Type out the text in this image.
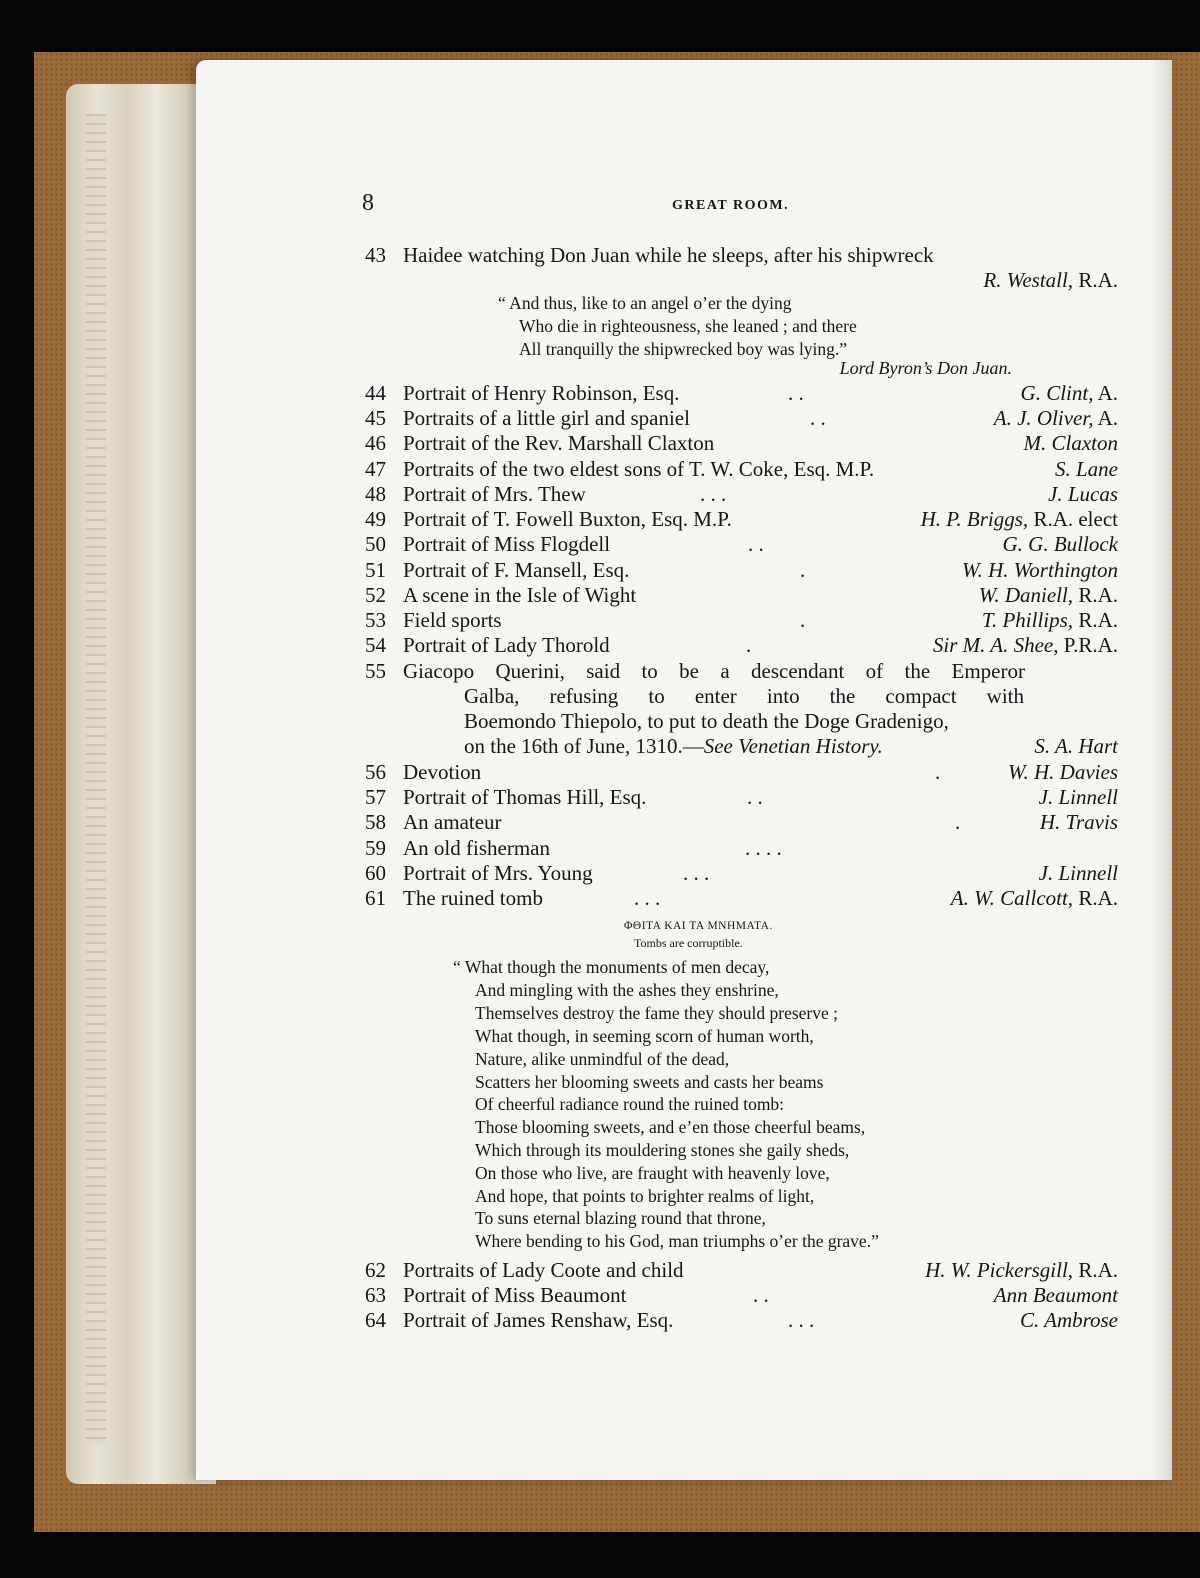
8	GREAT ROOM.
43 Haidee watching Don Juan while he sleeps, after his shipwreck
R. Westall, R.A.
“ And thus, like to an angel o’er the dying
Who die in righteousness, she leaned ; and there
All tranquilly the shipwrecked boy was lying.”
Lord Byron’s Don Juan.
44 Portrait of Henry Robinson, Esq.	. .	G. Clint, A.
45 Portraits of a little girl and spaniel	. .	A. J. Oliver, A.
46 Portrait of the Rev. Marshall Claxton	M. Claxton
47 Portraits of the two eldest sons of T. W. Coke, Esq. M.P.	S. Lane
48 Portrait of Mrs. Thew	. . .	J. Lucas
49 Portrait of T. Fowell Buxton, Esq. M.P.	H. P. Briggs, R.A. elect
50 Portrait of Miss Flogdell	. .	G. G. Bullock
51 Portrait of F. Mansell, Esq.	.	W. H. Worthington
52 A scene in the Isle of Wight	W. Daniell, R.A.
53 Field sports	.	T. Phillips, R.A.
54 Portrait of Lady Thorold	.	Sir M. A. Shee, P.R.A.
55 Giacopo Querini, said to be a descendant of the Emperor
Galba, refusing to enter into the compact with
Boemondo Thiepolo, to put to death the Doge Gradenigo,
on the 16th of June, 1310.—See Venetian History.	S. A. Hart
56 Devotion	.	W. H. Davies
57 Portrait of Thomas Hill, Esq.	. .	J. Linnell
58 An amateur	.	H. Travis
59 An old fisherman	. . . .
60 Portrait of Mrs. Young	. . .	J. Linnell
61 The ruined tomb	. . .	A. W. Callcott, R.A.
ΦΘΙΤΑ ΚΑΙ ΤΑ ΜΝΗΜΑΤΑ.
Tombs are corruptible.
“ What though the monuments of men decay,
And mingling with the ashes they enshrine,
Themselves destroy the fame they should preserve ;
What though, in seeming scorn of human worth,
Nature, alike unmindful of the dead,
Scatters her blooming sweets and casts her beams
Of cheerful radiance round the ruined tomb:
Those blooming sweets, and e’en those cheerful beams,
Which through its mouldering stones she gaily sheds,
On those who live, are fraught with heavenly love,
And hope, that points to brighter realms of light,
To suns eternal blazing round that throne,
Where bending to his God, man triumphs o’er the grave.”
62 Portraits of Lady Coote and child	H. W. Pickersgill, R.A.
63 Portrait of Miss Beaumont	. .	Ann Beaumont
64 Portrait of James Renshaw, Esq.	. . .	C. Ambrose
